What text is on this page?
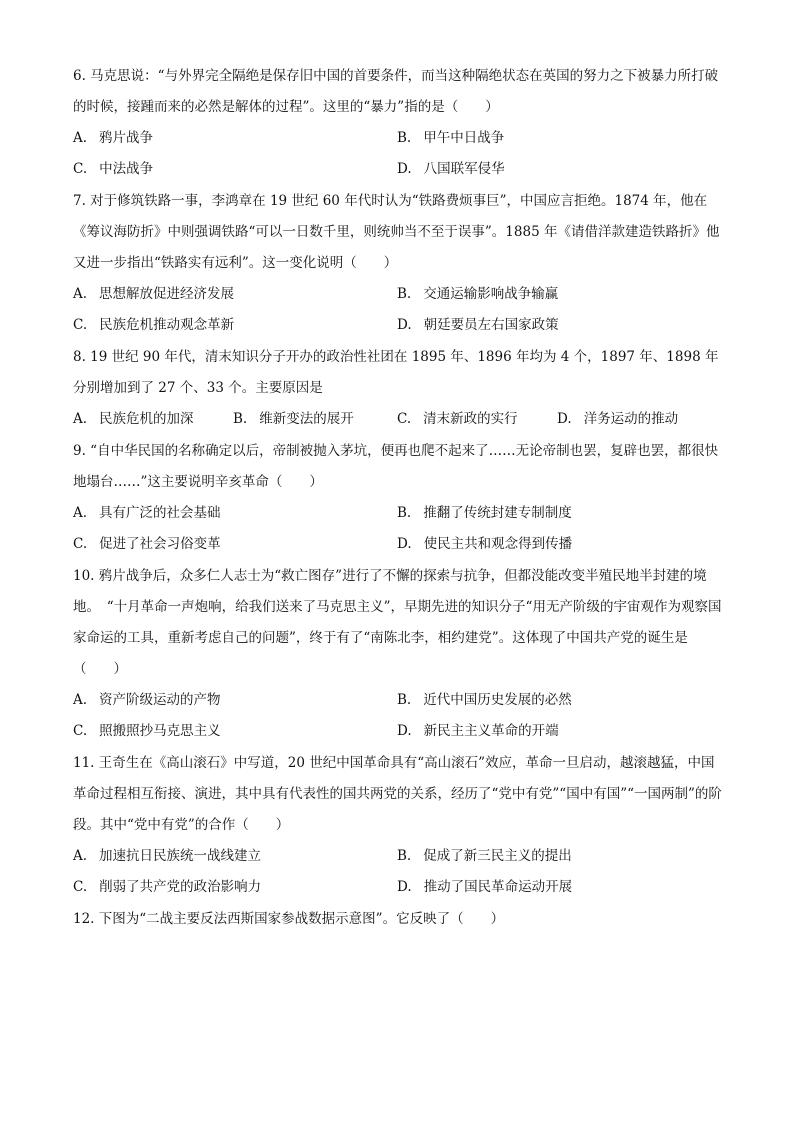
6. 马克思说：“与外界完全隔绝是保存旧中国的首要条件，而当这种隔绝状态在英国的努力之下被暴力所打破的时候，接踵而来的必然是解体的过程”。这里的“暴力”指的是（　　）

A. 鸦片战争	B. 甲午中日战争
C. 中法战争	D. 八国联军侵华

7. 对于修筑铁路一事，李鸿章在 19 世纪 60 年代时认为“铁路费烦事巨”，中国应言拒绝。1874 年，他在《筹议海防折》中则强调铁路“可以一日数千里，则统帅当不至于误事”。1885 年《请借洋款建造铁路折》他又进一步指出“铁路实有远利”。这一变化说明（　　）

A. 思想解放促进经济发展	B. 交通运输影响战争输赢
C. 民族危机推动观念革新	D. 朝廷要员左右国家政策

8. 19 世纪 90 年代，清末知识分子开办的政治性社团在 1895 年、1896 年均为 4 个，1897 年、1898 年分别增加到了 27 个、33 个。主要原因是

A. 民族危机的加深	B. 维新变法的展开	C. 清末新政的实行	D. 洋务运动的推动

9. “自中华民国的名称确定以后，帝制被抛入茅坑，便再也爬不起来了……无论帝制也罢，复辟也罢，都很快地塌台……”这主要说明辛亥革命（　　）

A. 具有广泛的社会基础	B. 推翻了传统封建专制制度
C. 促进了社会习俗变革	D. 使民主共和观念得到传播

10. 鸦片战争后，众多仁人志士为“救亡图存”进行了不懈的探索与抗争，但都没能改变半殖民地半封建的境地。　“十月革命一声炮响，给我们送来了马克思主义”，早期先进的知识分子“用无产阶级的宇宙观作为观察国家命运的工具，重新考虑自己的问题”，终于有了“南陈北李，相约建党”。这体现了中国共产党的诞生是（　　）

A. 资产阶级运动的产物	B. 近代中国历史发展的必然
C. 照搬照抄马克思主义	D. 新民主主义革命的开端

11. 王奇生在《高山滚石》中写道，20 世纪中国革命具有“高山滚石”效应，革命一旦启动，越滚越猛，中国革命过程相互衔接、演进，其中具有代表性的国共两党的关系，经历了“党中有党”“国中有国”“一国两制”的阶段。其中“党中有党”的合作（　　）

A. 加速抗日民族统一战线建立	B. 促成了新三民主义的提出
C. 削弱了共产党的政治影响力	D. 推动了国民革命运动开展

12. 下图为“二战主要反法西斯国家参战数据示意图”。它反映了（　　）
